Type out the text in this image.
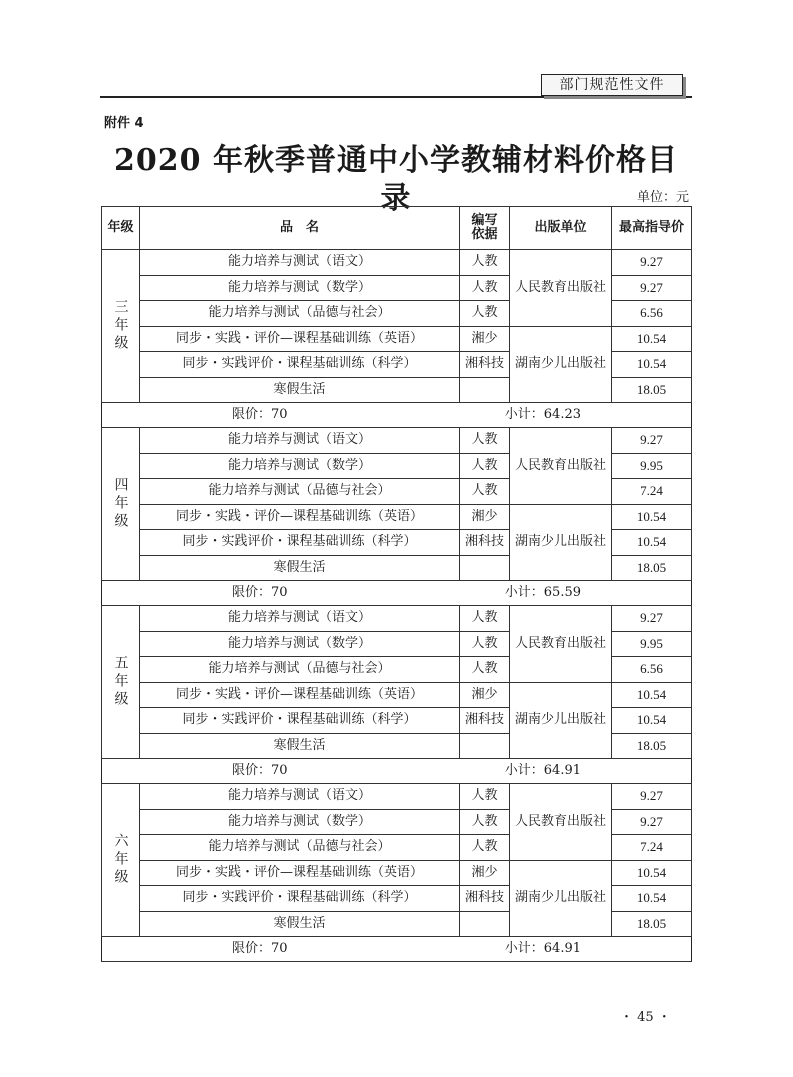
部门规范性文件
附件 4
2020 年秋季普通中小学教辅材料价格目录	单位：元
年级	品　名	编写依据	出版单位	最高指导价
三年级	能力培养与测试（语文）	人教	人民教育出版社	9.27
	能力培养与测试（数学）	人教		9.27
	能力培养与测试（品德与社会）	人教		6.56
	同步・实践・评价—课程基础训练（英语）	湘少	湖南少儿出版社	10.54
	同步・实践评价・课程基础训练（科学）	湘科技		10.54
	寒假生活			18.05

限价：70 小计：64.23				

四年级	能力培养与测试（语文）	人教	人民教育出版社	9.27
	能力培养与测试（数学）	人教		9.95
	能力培养与测试（品德与社会）	人教		7.24
	同步・实践・评价—课程基础训练（英语）	湘少	湖南少儿出版社	10.54
	同步・实践评价・课程基础训练（科学）	湘科技		10.54
	寒假生活			18.05

限价：70 小计：65.59				

五年级	能力培养与测试（语文）	人教	人民教育出版社	9.27
	能力培养与测试（数学）	人教		9.95
	能力培养与测试（品德与社会）	人教		6.56
	同步・实践・评价—课程基础训练（英语）	湘少	湖南少儿出版社	10.54
	同步・实践评价・课程基础训练（科学）	湘科技		10.54
	寒假生活			18.05

限价：70 小计：64.91				

六年级	能力培养与测试（语文）	人教	人民教育出版社	9.27
	能力培养与测试（数学）	人教		9.27
	能力培养与测试（品德与社会）	人教		7.24
	同步・实践・评价—课程基础训练（英语）	湘少	湖南少儿出版社	10.54
	同步・实践评价・课程基础训练（科学）	湘科技		10.54
	寒假生活			18.05

限价：70 小计：64.91				
・ 45 ・
